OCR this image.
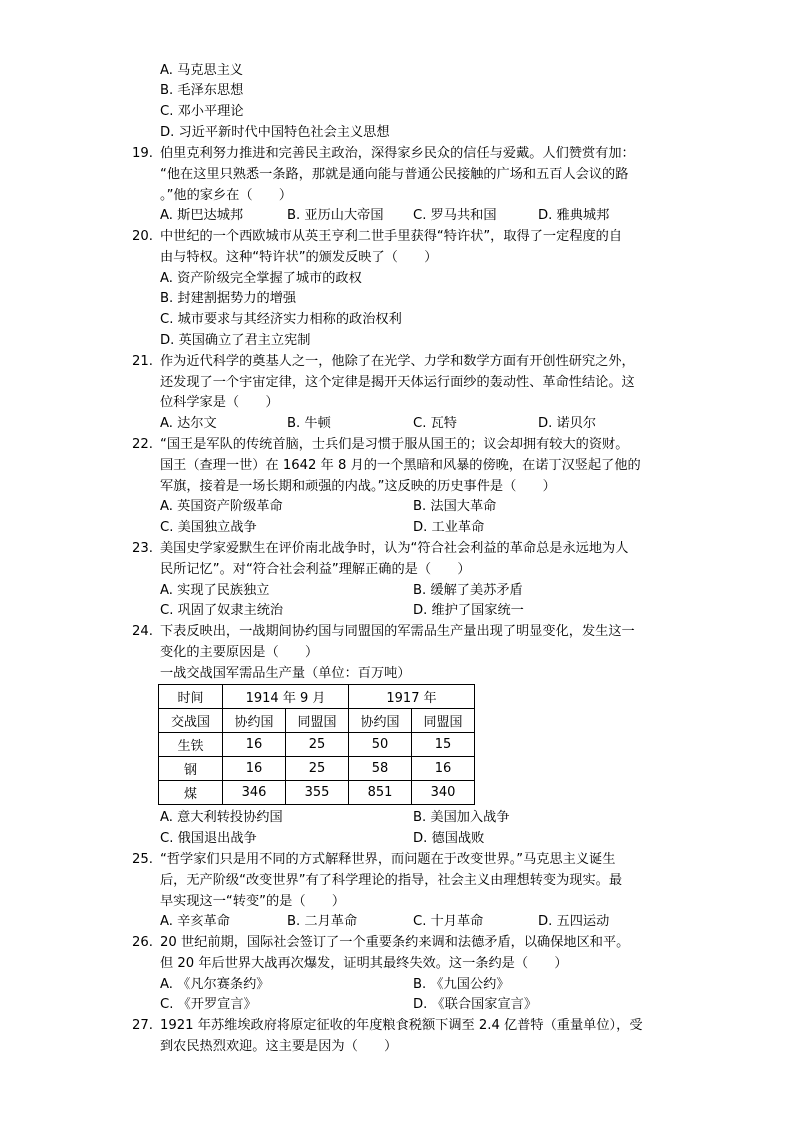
A. 马克思主义
B. 毛泽东思想
C. 邓小平理论
D. 习近平新时代中国特色社会主义思想
19. 伯里克利努力推进和完善民主政治，深得家乡民众的信任与爱戴。人们赞赏有加：
“他在这里只熟悉一条路，那就是通向能与普通公民接触的广场和五百人会议的路
。”他的家乡在（　　）
A. 斯巴达城邦	B. 亚历山大帝国 C. 罗马共和国	D. 雅典城邦
20. 中世纪的一个西欧城市从英王亨利二世手里获得“特许状”，取得了一定程度的自
由与特权。这种“特许状”的颁发反映了（　　）
A. 资产阶级完全掌握了城市的政权
B. 封建割据势力的增强
C. 城市要求与其经济实力相称的政治权利
D. 英国确立了君主立宪制
21. 作为近代科学的奠基人之一，他除了在光学、力学和数学方面有开创性研究之外，
还发现了一个宇宙定律，这个定律是揭开天体运行面纱的轰动性、革命性结论。这
位科学家是（　　）
A. 达尔文	B. 牛顿	C. 瓦特	D. 诺贝尔
22. “国王是军队的传统首脑，士兵们是习惯于服从国王的；议会却拥有较大的资财。
国王（查理一世）在 1642 年 8 月的一个黑暗和风暴的傍晚，在诺丁汉竖起了他的
军旗，接着是一场长期和顽强的内战。”这反映的历史事件是（　　）
A. 英国资产阶级革命	B. 法国大革命
C. 美国独立战争	D. 工业革命
23. 美国史学家爱默生在评价南北战争时，认为“符合社会利益的革命总是永远地为人
民所记忆”。对“符合社会利益”理解正确的是（　　）
A. 实现了民族独立	B. 缓解了美苏矛盾
C. 巩固了奴隶主统治	D. 维护了国家统一
24. 下表反映出，一战期间协约国与同盟国的军需品生产量出现了明显变化，发生这一
变化的主要原因是（　　）
一战交战国军需品生产量（单位：百万吨）
时间	1914 年 9 月		1917 年	
交战国	协约国	同盟国	协约国	同盟国
生铁	16	25	50	15
钢	16	25	58	16
煤	346	355	851	340
A. 意大利转投协约国	B. 美国加入战争
C. 俄国退出战争	D. 德国战败
25. “哲学家们只是用不同的方式解释世界，而问题在于改变世界。”马克思主义诞生
后，无产阶级“改变世界”有了科学理论的指导，社会主义由理想转变为现实。最
早实现这一“转变”的是（　　）
A. 辛亥革命	B. 二月革命	C. 十月革命	D. 五四运动
26. 20 世纪前期，国际社会签订了一个重要条约来调和法德矛盾，以确保地区和平。
但 20 年后世界大战再次爆发，证明其最终失效。这一条约是（　　）
A. 《凡尔赛条约》	B. 《九国公约》
C. 《开罗宣言》	D. 《联合国家宣言》
27. 1921 年苏维埃政府将原定征收的年度粮食税额下调至 2.4 亿普特（重量单位），受
到农民热烈欢迎。这主要是因为（　　）
